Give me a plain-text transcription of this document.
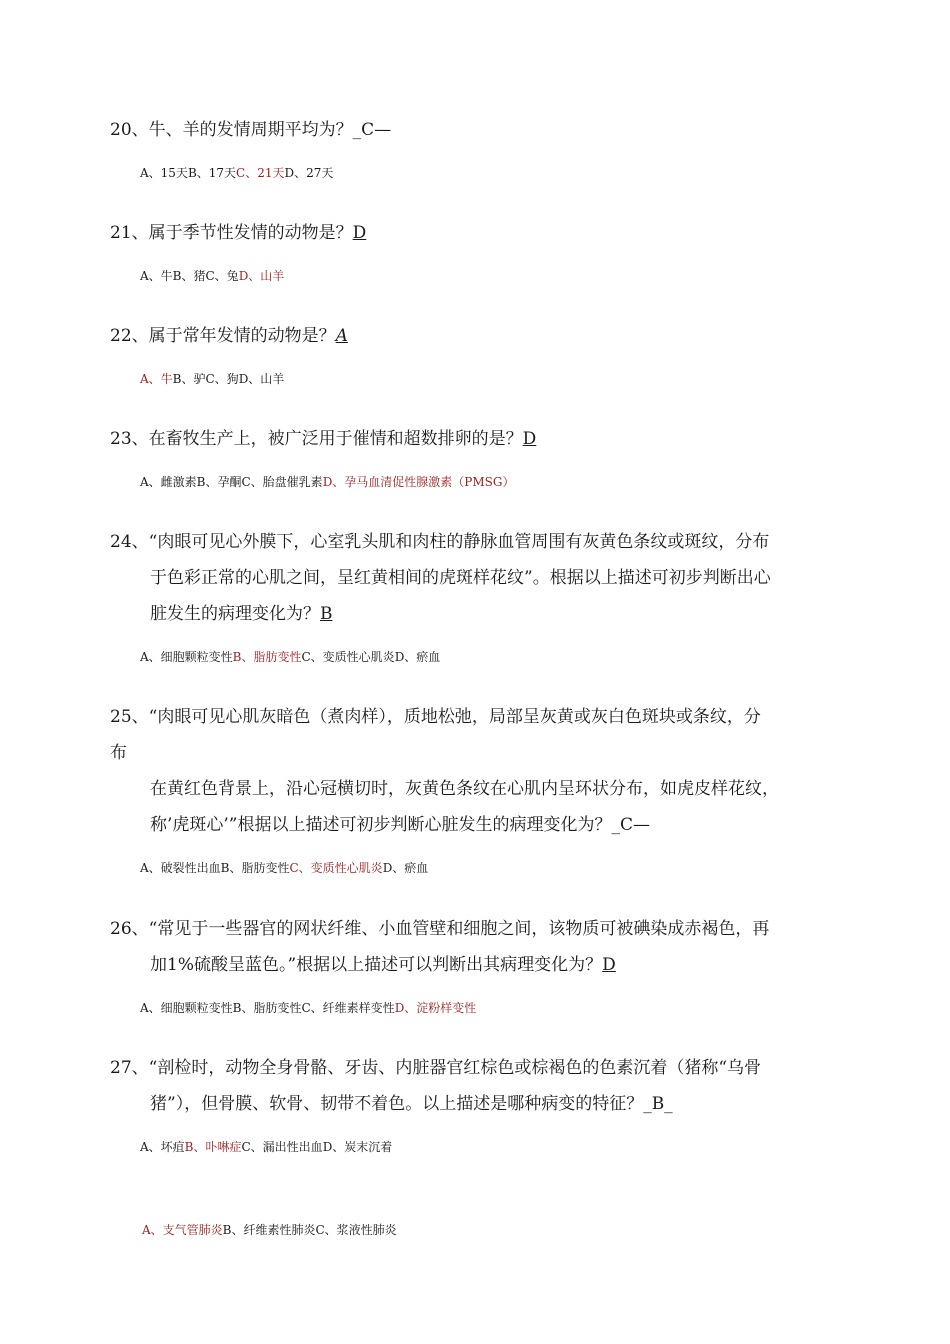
20、牛、羊的发情周期平均为？_C—
A、15天B、17天C、21天D、27天
21、属于季节性发情的动物是？D
A、牛B、猪C、兔D、山羊
22、属于常年发情的动物是？A
A、牛B、驴C、狗D、山羊
23、在畜牧生产上，被广泛用于催情和超数排卵的是？D
A、雌激素B、孕酮C、胎盘催乳素D、孕马血清促性腺激素（PMSG）
24、“肉眼可见心外膜下，心室乳头肌和肉柱的静脉血管周围有灰黄色条纹或斑纹，分布
于色彩正常的心肌之间，呈红黄相间的虎斑样花纹”。根据以上描述可初步判断出心
脏发生的病理变化为？B
A、细胞颗粒变性B、脂肪变性C、变质性心肌炎D、瘀血
25、“肉眼可见心肌灰暗色（煮肉样），质地松弛，局部呈灰黄或灰白色斑块或条纹，分
布
在黄红色背景上，沿心冠横切时，灰黄色条纹在心肌内呈环状分布，如虎皮样花纹，
称’虎斑心’”根据以上描述可初步判断心脏发生的病理变化为？_C—
A、破裂性出血B、脂肪变性C、变质性心肌炎D、瘀血
26、“常见于一些器官的网状纤维、小血管壁和细胞之间，该物质可被碘染成赤褐色，再
加1%硫酸呈蓝色。”根据以上描述可以判断出其病理变化为？D
A、细胞颗粒变性B、脂肪变性C、纤维素样变性D、淀粉样变性
27、“剖检时，动物全身骨骼、牙齿、内脏器官红棕色或棕褐色的色素沉着（猪称“乌骨
猪”），但骨膜、软骨、韧带不着色。以上描述是哪种病变的特征？_B_
A、坏疽B、卟啉症C、漏出性出血D、炭末沉着
A、支气管肺炎B、纤维素性肺炎C、浆液性肺炎
